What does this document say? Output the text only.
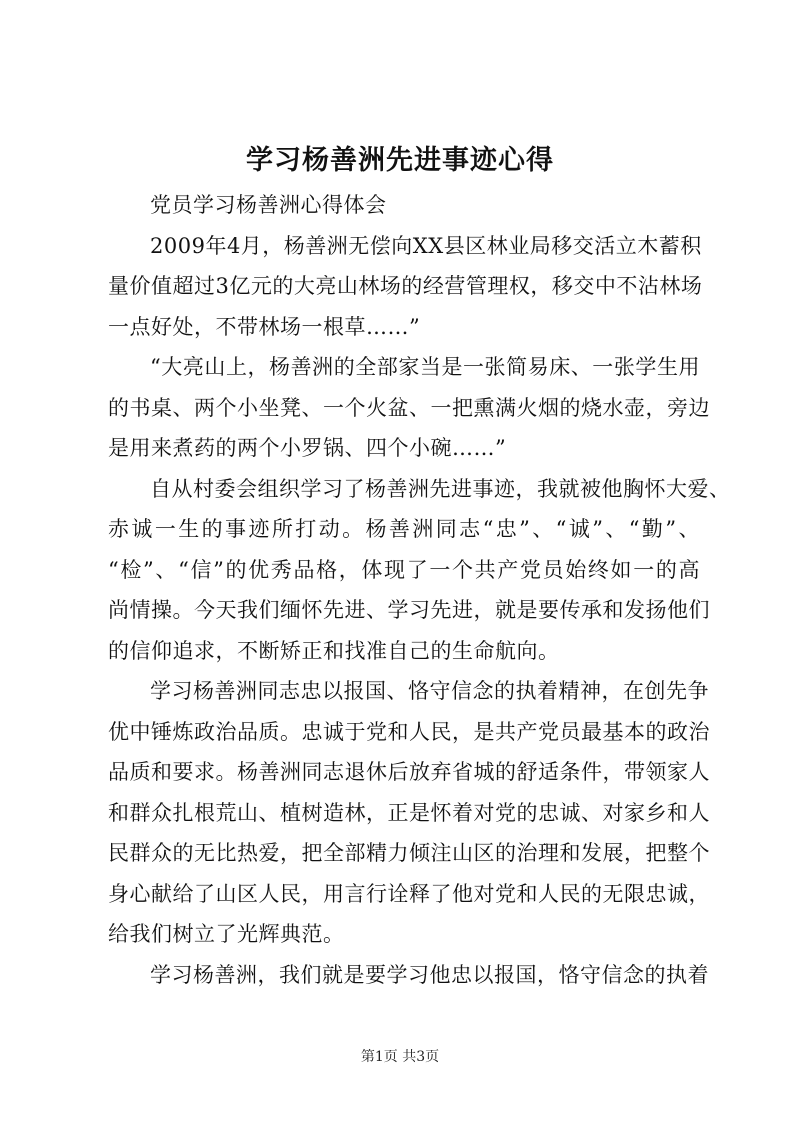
学习杨善洲先进事迹心得
党员学习杨善洲心得体会
2009年4月，杨善洲无偿向XX县区林业局移交活立木蓄积
量价值超过3亿元的大亮山林场的经营管理权，移交中不沾林场
一点好处，不带林场一根草……”
“大亮山上，杨善洲的全部家当是一张简易床、一张学生用
的书桌、两个小坐凳、一个火盆、一把熏满火烟的烧水壶，旁边
是用来煮药的两个小罗锅、四个小碗……”
自从村委会组织学习了杨善洲先进事迹，我就被他胸怀大爱、
赤诚一生的事迹所打动。杨善洲同志“忠”、“诚”、“勤”、
“检”、“信”的优秀品格，体现了一个共产党员始终如一的高
尚情操。今天我们缅怀先进、学习先进，就是要传承和发扬他们
的信仰追求，不断矫正和找准自己的生命航向。
学习杨善洲同志忠以报国、恪守信念的执着精神，在创先争
优中锤炼政治品质。忠诚于党和人民，是共产党员最基本的政治
品质和要求。杨善洲同志退休后放弃省城的舒适条件，带领家人
和群众扎根荒山、植树造林，正是怀着对党的忠诚、对家乡和人
民群众的无比热爱，把全部精力倾注山区的治理和发展，把整个
身心献给了山区人民，用言行诠释了他对党和人民的无限忠诚，
给我们树立了光辉典范。
学习杨善洲，我们就是要学习他忠以报国，恪守信念的执着
第1页 共3页
